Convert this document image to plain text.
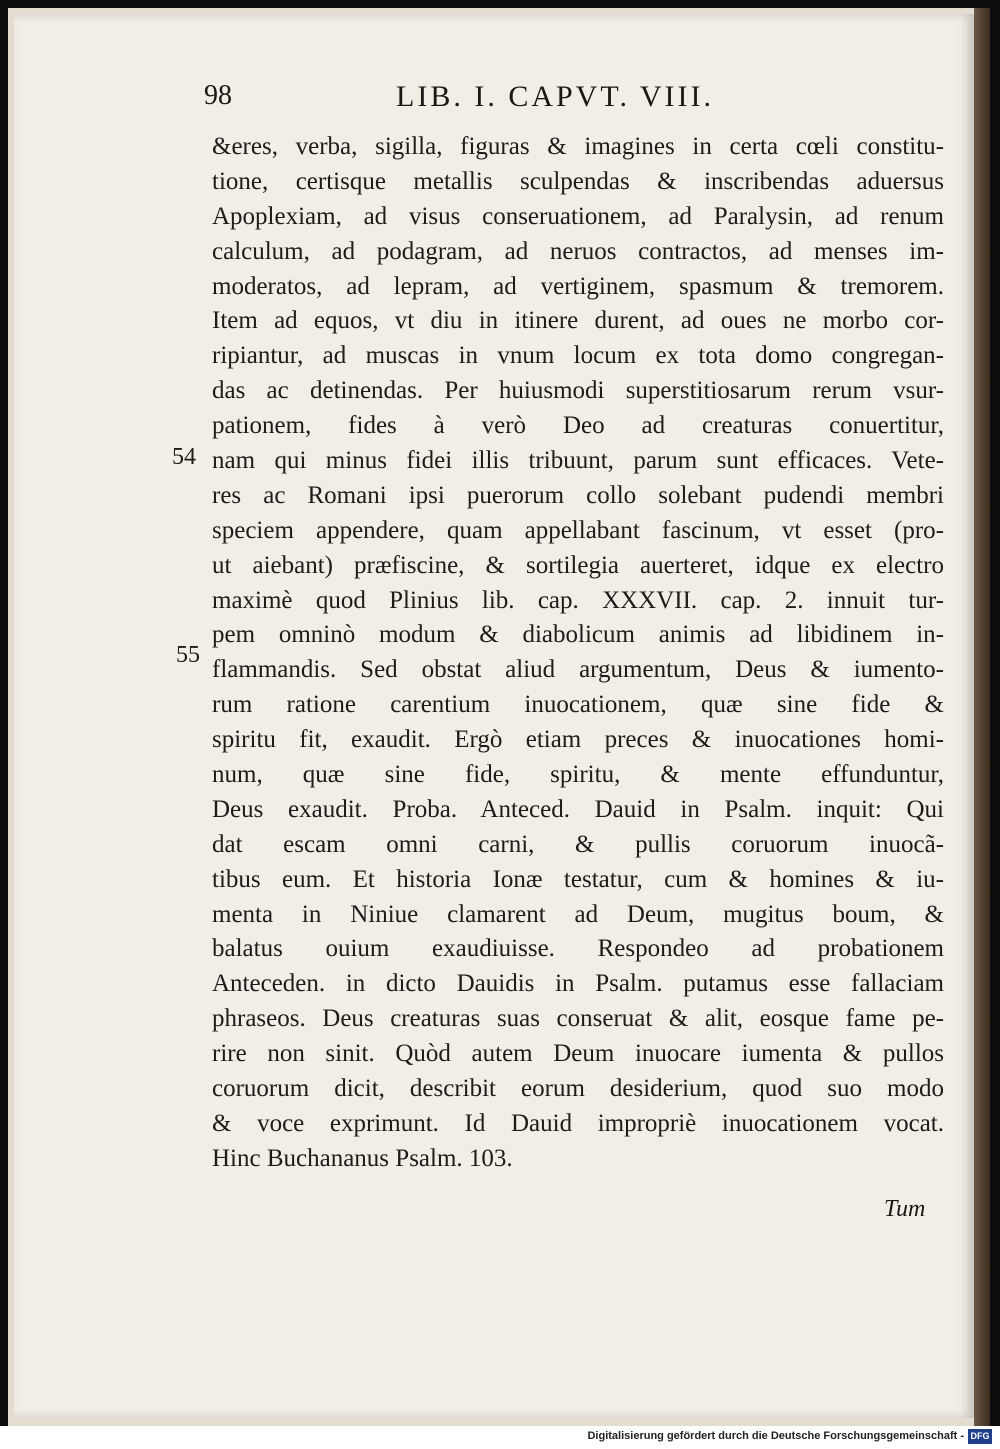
98	LIB. I. CAPVT. VIII.
&eres, verba, sigilla, figuras & imagines in certa cœli constitu-
tione, certisque metallis sculpendas & inscribendas aduersus
Apoplexiam, ad visus conseruationem, ad Paralysin, ad renum
calculum, ad podagram, ad neruos contractos, ad menses im-
moderatos, ad lepram, ad vertiginem, spasmum & tremorem.
Item ad equos, vt diu in itinere durent, ad oues ne morbo cor-
ripiantur, ad muscas in vnum locum ex tota domo congregan-
das ac detinendas. Per huiusmodi superstitiosarum rerum vsur-
pationem, fides à verò Deo ad creaturas conuertitur,
nam qui minus fidei illis tribuunt, parum sunt efficaces. Vete-
res ac Romani ipsi puerorum collo solebant pudendi membri
speciem appendere, quam appellabant fascinum, vt esset (pro-
ut aiebant) præfiscine, & sortilegia auerteret, idque ex electro
maximè quod Plinius lib. cap. XXXVII. cap. 2. innuit tur-
pem omninò modum & diabolicum animis ad libidinem in-
flammandis. Sed obstat aliud argumentum, Deus & iumento-
rum ratione carentium inuocationem, quæ sine fide &
spiritu fit, exaudit. Ergò etiam preces & inuocationes homi-
num, quæ sine fide, spiritu, & mente effunduntur,
Deus exaudit. Proba. Anteced. Dauid in Psalm. inquit: Qui
dat escam omni carni, & pullis coruorum inuocã-
tibus eum. Et historia Ionæ testatur, cum & homines & iu-
menta in Niniue clamarent ad Deum, mugitus boum, &
balatus ouium exaudiuisse. Respondeo ad probationem
Anteceden. in dicto Dauidis in Psalm. putamus esse fallaciam
phraseos. Deus creaturas suas conseruat & alit, eosque fame pe-
rire non sinit. Quòd autem Deum inuocare iumenta & pullos
coruorum dicit, describit eorum desiderium, quod suo modo
& voce exprimunt. Id Dauid impropriè inuocationem vocat.
Hinc Buchananus Psalm. 103.
54
55
Tum
Digitalisierung gefördert durch die Deutsche Forschungsgemeinschaft - DFG
